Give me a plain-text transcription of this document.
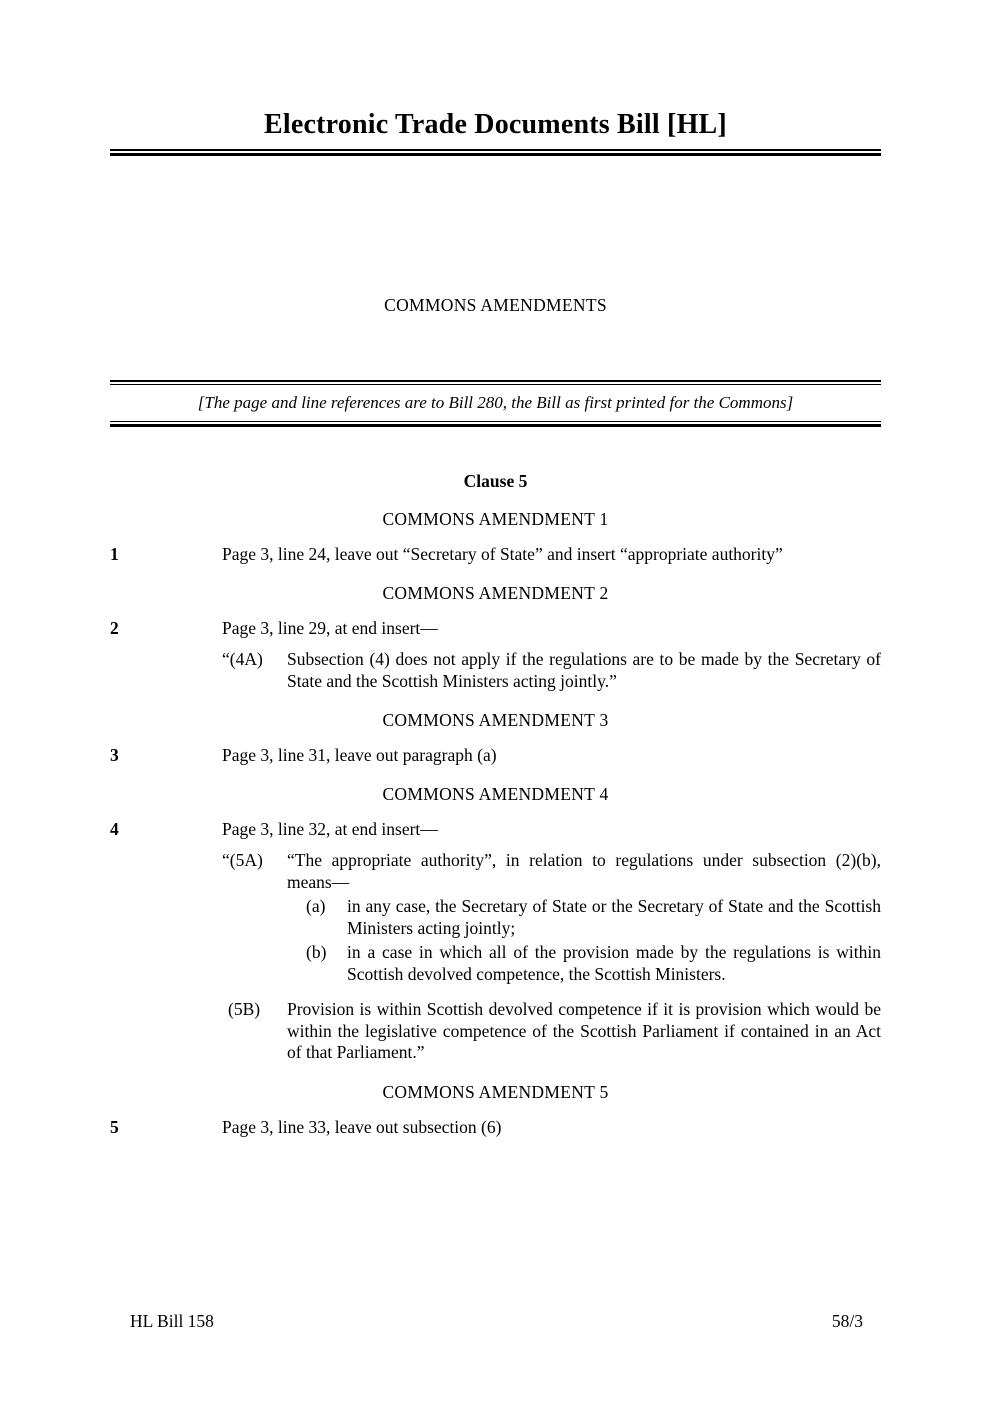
Electronic Trade Documents Bill [HL]
COMMONS AMENDMENTS

[The page and line references are to Bill 280, the Bill as first printed for the Commons]

Clause 5
COMMONS AMENDMENT 1
1	Page 3, line 24, leave out “Secretary of State” and insert “appropriate authority”

COMMONS AMENDMENT 2
2	Page 3, line 29, at end insert—

“(4A)	Subsection (4) does not apply if the regulations are to be made by the Secretary of State and the Scottish Ministers acting jointly.”

COMMONS AMENDMENT 3
3	Page 3, line 31, leave out paragraph (a)

COMMONS AMENDMENT 4
4	Page 3, line 32, at end insert—

“(5A)	“The appropriate authority”, in relation to regulations under subsection (2)(b), means—

(a)	in any case, the Secretary of State or the Secretary of State and the Scottish Ministers acting jointly;

(b)	in a case in which all of the provision made by the regulations is within Scottish devolved competence, the Scottish Ministers.

(5B)	Provision is within Scottish devolved competence if it is provision which would be within the legislative competence of the Scottish Parliament if contained in an Act of that Parliament.”

COMMONS AMENDMENT 5
5	Page 3, line 33, leave out subsection (6)

HL Bill 158	58/3
